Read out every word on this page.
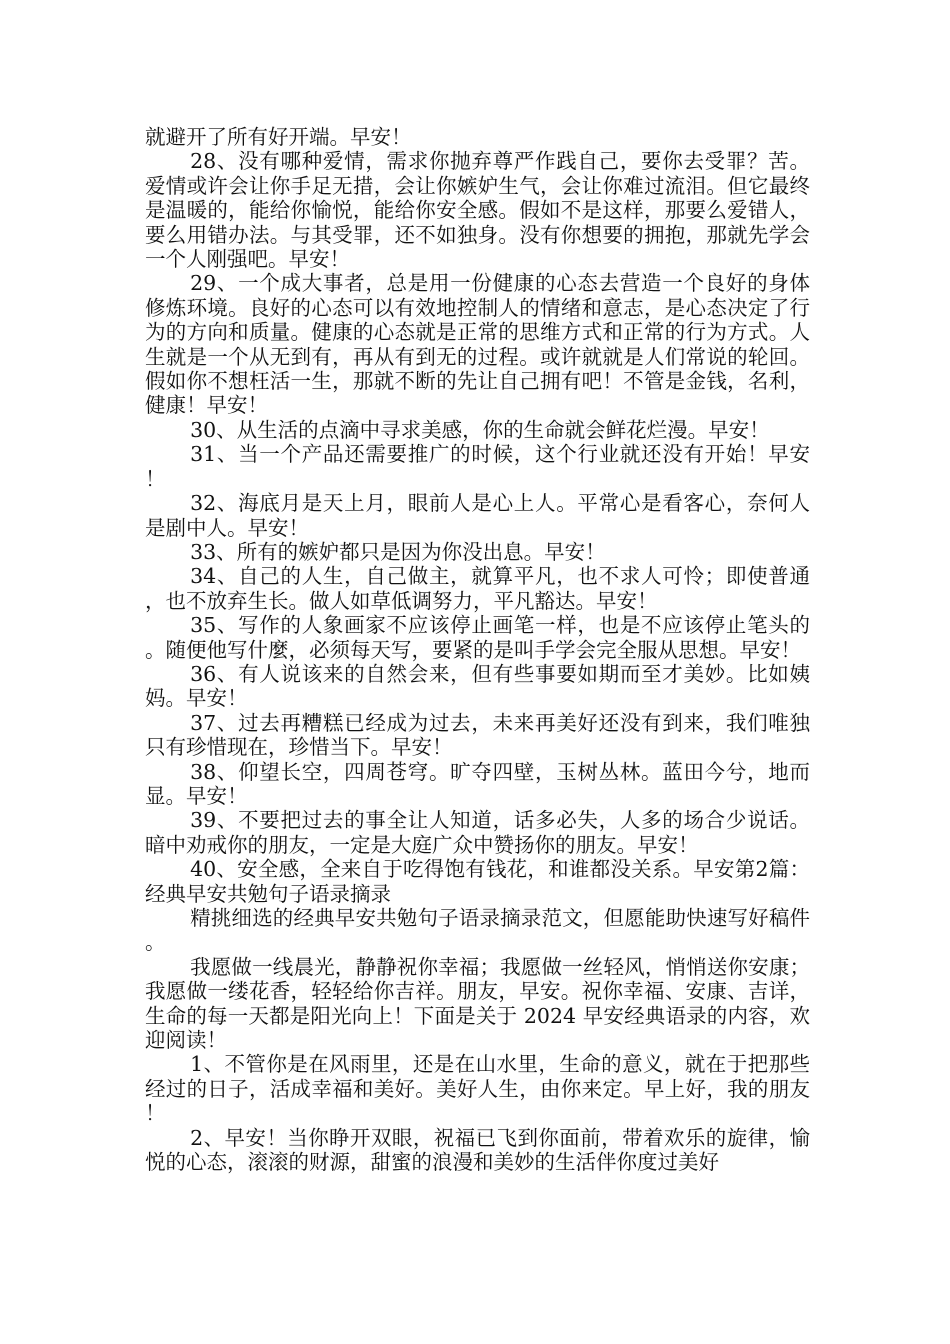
就避开了所有好开端。早安！

28、没有哪种爱情，需求你抛弃尊严作践自己，要你去受罪？苦。爱情或许会让你手足无措，会让你嫉妒生气，会让你难过流泪。但它最终是温暖的，能给你愉悦，能给你安全感。假如不是这样，那要么爱错人，要么用错办法。与其受罪，还不如独身。没有你想要的拥抱，那就先学会一个人刚强吧。早安！

29、一个成大事者，总是用一份健康的心态去营造一个良好的身体修炼环境。良好的心态可以有效地控制人的情绪和意志，是心态决定了行为的方向和质量。健康的心态就是正常的思维方式和正常的行为方式。人生就是一个从无到有，再从有到无的过程。或许就就是人们常说的轮回。假如你不想枉活一生，那就不断的先让自己拥有吧！不管是金钱，名利，健康！早安！

30、从生活的点滴中寻求美感，你的生命就会鲜花烂漫。早安！

31、当一个产品还需要推广的时候，这个行业就还没有开始！早安！

32、海底月是天上月，眼前人是心上人。平常心是看客心，奈何人是剧中人。早安！

33、所有的嫉妒都只是因为你没出息。早安！

34、自己的人生，自己做主，就算平凡，也不求人可怜；即使普通，也不放弃生长。做人如草低调努力，平凡豁达。早安！

35、写作的人象画家不应该停止画笔一样，也是不应该停止笔头的。随便他写什麼，必须每天写，要紧的是叫手学会完全服从思想。早安！

36、有人说该来的自然会来，但有些事要如期而至才美妙。比如姨妈。早安！

37、过去再糟糕已经成为过去，未来再美好还没有到来，我们唯独只有珍惜现在，珍惜当下。早安！

38、仰望长空，四周苍穹。旷夺四壁，玉树丛林。蓝田今兮，地而显。早安！

39、不要把过去的事全让人知道，话多必失，人多的场合少说话。暗中劝戒你的朋友，一定是大庭广众中赞扬你的朋友。早安！

40、安全感，全来自于吃得饱有钱花，和谁都没关系。早安第2篇：经典早安共勉句子语录摘录

精挑细选的经典早安共勉句子语录摘录范文，但愿能助快速写好稿件。

我愿做一线晨光，静静祝你幸福；我愿做一丝轻风，悄悄送你安康；我愿做一缕花香，轻轻给你吉祥。朋友，早安。祝你幸福、安康、吉详，生命的每一天都是阳光向上！下面是关于 2024 早安经典语录的内容，欢迎阅读！

1、不管你是在风雨里，还是在山水里，生命的意义，就在于把那些经过的日子，活成幸福和美好。美好人生，由你来定。早上好，我的朋友！

2、早安！当你睁开双眼，祝福已飞到你面前，带着欢乐的旋律，愉悦的心态，滚滚的财源，甜蜜的浪漫和美妙的生活伴你度过美好
